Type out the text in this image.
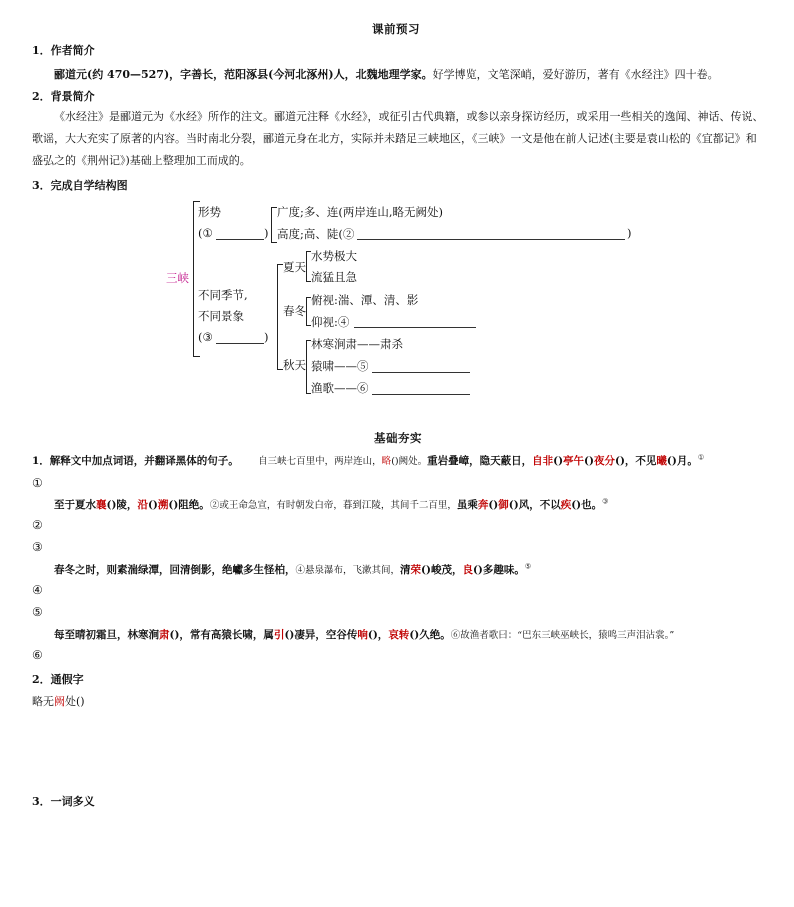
课前预习
1．作者简介
郦道元(约 470—527)，字善长，范阳涿县(今河北涿州)人，北魏地理学家。好学博览，文笔深峭，爱好游历，著有《水经注》四十卷。
2．背景简介
《水经注》是郦道元为《水经》所作的注文。郦道元注释《水经》，或征引古代典籍，或参以亲身探访经历，或采用一些相关的逸闻、神话、传说、歌谣，大大充实了原著的内容。当时南北分裂，郦道元身在北方，实际并未踏足三峡地区，《三峡》一文是他在前人记述(主要是袁山松的《宜都记》和盛弘之的《荆州记》)基础上整理加工而成的。
3．完成自学结构图
三峡
形势
(①	)
广度;多、连(两岸连山,略无阙处)
高度;高、陡(②	)
不同季节,
不同景象
(③	)
夏天
春冬
秋天
水势极大
流猛且急
俯视:湍、潭、清、影
仰视:④
林寒涧肃——肃杀
猿啸——⑤
渔歌——⑥
基础夯实
1．解释文中加点词语，并翻译黑体的句子。 自三峡七百里中，两岸连山，略()阙处。重岩叠嶂，隐天蔽日，自非()亭午()夜分()，不见曦()月。①
①
至于夏水襄()陵，沿()溯()阻绝。②或王命急宣，有时朝发白帝，暮到江陵，其间千二百里，虽乘奔()御()风，不以疾()也。③
②
③
春冬之时，则素湍绿潭，回清倒影，绝巘多生怪柏，④悬泉瀑布，飞漱其间，清荣()峻茂，良()多趣味。⑤
④
⑤
每至晴初霜旦，林寒涧肃()，常有高猿长啸，属引()凄异，空谷传响()，哀转()久绝。⑥故渔者歌曰：“巴东三峡巫峡长，猿鸣三声泪沾裳。”
⑥
2．通假字
略无阙处()
3．一词多义
